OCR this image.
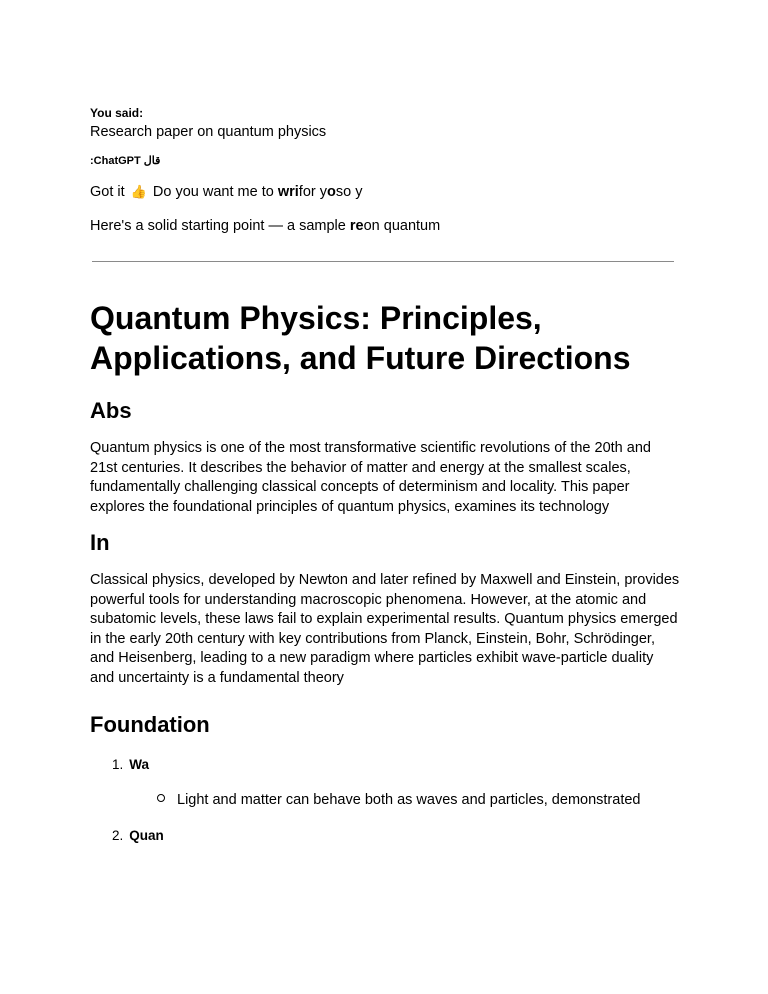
You said:
Research paper on quantum physics
قال ChatGPT:
Got it 👍 Do you want me to wrifor yoso y
Here's a solid starting point — a sample reon quantum
Quantum Physics: Principles, Applications, and Future Directions
Abs

Quantum physics is one of the most transformative scientific revolutions of the 20th and 21st centuries. It describes the behavior of matter and energy at the smallest scales, fundamentally challenging classical concepts of determinism and locality. This paper explores the foundational principles of quantum physics, examines its technology

In

Classical physics, developed by Newton and later refined by Maxwell and Einstein, provides powerful tools for understanding macroscopic phenomena. However, at the atomic and subatomic levels, these laws fail to explain experimental results. Quantum physics emerged in the early 20th century with key contributions from Planck, Einstein, Bohr, Schrödinger, and Heisenberg, leading to a new paradigm where particles exhibit wave-particle duality and uncertainty is a fundamental theory

Foundation
1. Wa
Light and matter can behave both as waves and particles, demonstrated
2. Quan
